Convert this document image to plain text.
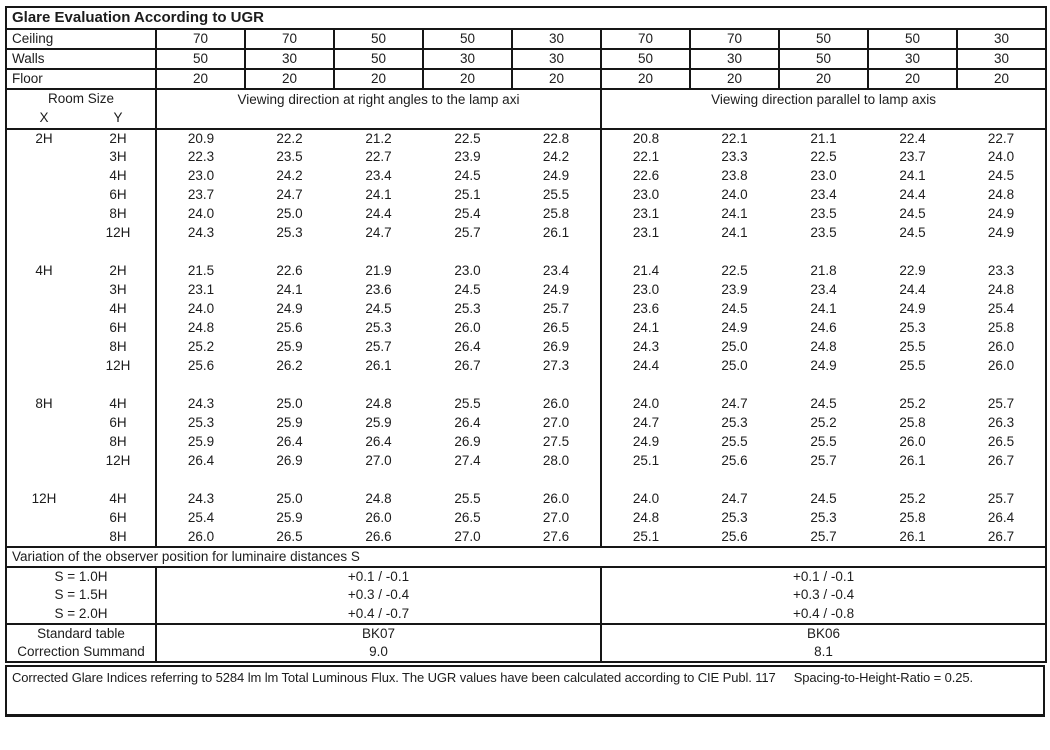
Glare Evaluation According to UGR											
Ceiling		70	70	50	50	30	70	70	50	50	30
Walls		50	30	50	30	30	50	30	50	30	30
Floor		20	20	20	20	20	20	20	20	20	20
Room Size		Viewing direction at right angles to the lamp axi					Viewing direction parallel to lamp axis				
X	Y										
2H	2H	20.9	22.2	21.2	22.5	22.8	20.8	22.1	21.1	22.4	22.7
	3H	22.3	23.5	22.7	23.9	24.2	22.1	23.3	22.5	23.7	24.0
	4H	23.0	24.2	23.4	24.5	24.9	22.6	23.8	23.0	24.1	24.5
	6H	23.7	24.7	24.1	25.1	25.5	23.0	24.0	23.4	24.4	24.8
	8H	24.0	25.0	24.4	25.4	25.8	23.1	24.1	23.5	24.5	24.9
	12H	24.3	25.3	24.7	25.7	26.1	23.1	24.1	23.5	24.5	24.9

4H	2H	21.5	22.6	21.9	23.0	23.4	21.4	22.5	21.8	22.9	23.3
	3H	23.1	24.1	23.6	24.5	24.9	23.0	23.9	23.4	24.4	24.8
	4H	24.0	24.9	24.5	25.3	25.7	23.6	24.5	24.1	24.9	25.4
	6H	24.8	25.6	25.3	26.0	26.5	24.1	24.9	24.6	25.3	25.8
	8H	25.2	25.9	25.7	26.4	26.9	24.3	25.0	24.8	25.5	26.0
	12H	25.6	26.2	26.1	26.7	27.3	24.4	25.0	24.9	25.5	26.0

8H	4H	24.3	25.0	24.8	25.5	26.0	24.0	24.7	24.5	25.2	25.7
	6H	25.3	25.9	25.9	26.4	27.0	24.7	25.3	25.2	25.8	26.3
	8H	25.9	26.4	26.4	26.9	27.5	24.9	25.5	25.5	26.0	26.5
	12H	26.4	26.9	27.0	27.4	28.0	25.1	25.6	25.7	26.1	26.7

12H	4H	24.3	25.0	24.8	25.5	26.0	24.0	24.7	24.5	25.2	25.7
	6H	25.4	25.9	26.0	26.5	27.0	24.8	25.3	25.3	25.8	26.4
	8H	26.0	26.5	26.6	27.0	27.6	25.1	25.6	25.7	26.1	26.7
Variation of the observer position for luminaire distances S											
S = 1.0H		+0.1 / -0.1					+0.1 / -0.1				
S = 1.5H		+0.3 / -0.4					+0.3 / -0.4				
S = 2.0H		+0.4 / -0.7					+0.4 / -0.8				
Standard table		BK07					BK06				
Correction Summand		9.0					8.1				
Corrected Glare Indices referring to 5284 lm lm Total Luminous Flux. The UGR values have been calculated according to CIE Publ. 117 Spacing-to-Height-Ratio = 0.25.
